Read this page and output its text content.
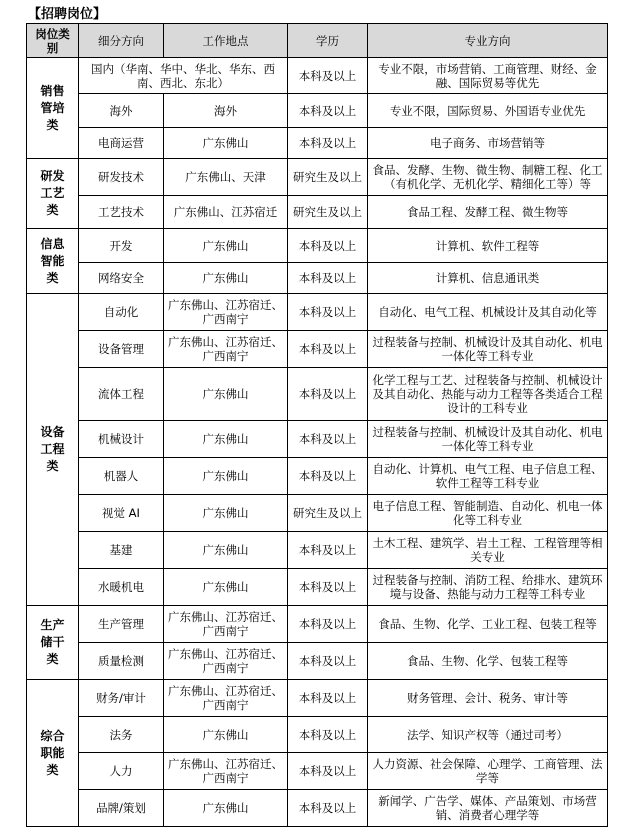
【招聘岗位】
岗位类别	细分方向	工作地点	学历	专业方向
销售管培类	国内（华南、华中、华北、华东、西南、西北、东北）		本科及以上	专业不限，市场营销、工商管理、财经、金融、国际贸易等优先
	海外	海外	本科及以上	专业不限，国际贸易、外国语专业优先
	电商运营	广东佛山	本科及以上	电子商务、市场营销等
研发工艺类	研发技术	广东佛山、天津	研究生及以上	食品、发酵、生物、微生物、制糖工程、化工（有机化学、无机化学、精细化工等）等
	工艺技术	广东佛山、江苏宿迁	研究生及以上	食品工程、发酵工程、微生物等
信息智能类	开发	广东佛山	本科及以上	计算机、软件工程等
	网络安全	广东佛山	本科及以上	计算机、信息通讯类
设备工程类	自动化	广东佛山、江苏宿迁、广西南宁	本科及以上	自动化、电气工程、机械设计及其自动化等
	设备管理	广东佛山、江苏宿迁、广西南宁	本科及以上	过程装备与控制、机械设计及其自动化、机电一体化等工科专业
	流体工程	广东佛山	本科及以上	化学工程与工艺、过程装备与控制、机械设计及其自动化、热能与动力工程等各类适合工程设计的工科专业
	机械设计	广东佛山	本科及以上	过程装备与控制、机械设计及其自动化、机电一体化等工科专业
	机器人	广东佛山	本科及以上	自动化、计算机、电气工程、电子信息工程、软件工程等工科专业
	视觉 AI	广东佛山	研究生及以上	电子信息工程、智能制造、自动化、机电一体化等工科专业
	基建	广东佛山	本科及以上	土木工程、建筑学、岩土工程、工程管理等相关专业
	水暖机电	广东佛山	本科及以上	过程装备与控制、消防工程、给排水、建筑环境与设备、热能与动力工程等工科专业
生产储干类	生产管理	广东佛山、江苏宿迁、广西南宁	本科及以上	食品、生物、化学、工业工程、包装工程等
	质量检测	广东佛山、江苏宿迁、广西南宁	本科及以上	食品、生物、化学、包装工程等
综合职能类	财务/审计	广东佛山、江苏宿迁、广西南宁	本科及以上	财务管理、会计、税务、审计等
	法务	广东佛山	本科及以上	法学、知识产权等（通过司考）
	人力	广东佛山、江苏宿迁、广西南宁	本科及以上	人力资源、社会保障、心理学、工商管理、法学等
	品牌/策划	广东佛山	本科及以上	新闻学、广告学、媒体、产品策划、市场营销、消费者心理学等
